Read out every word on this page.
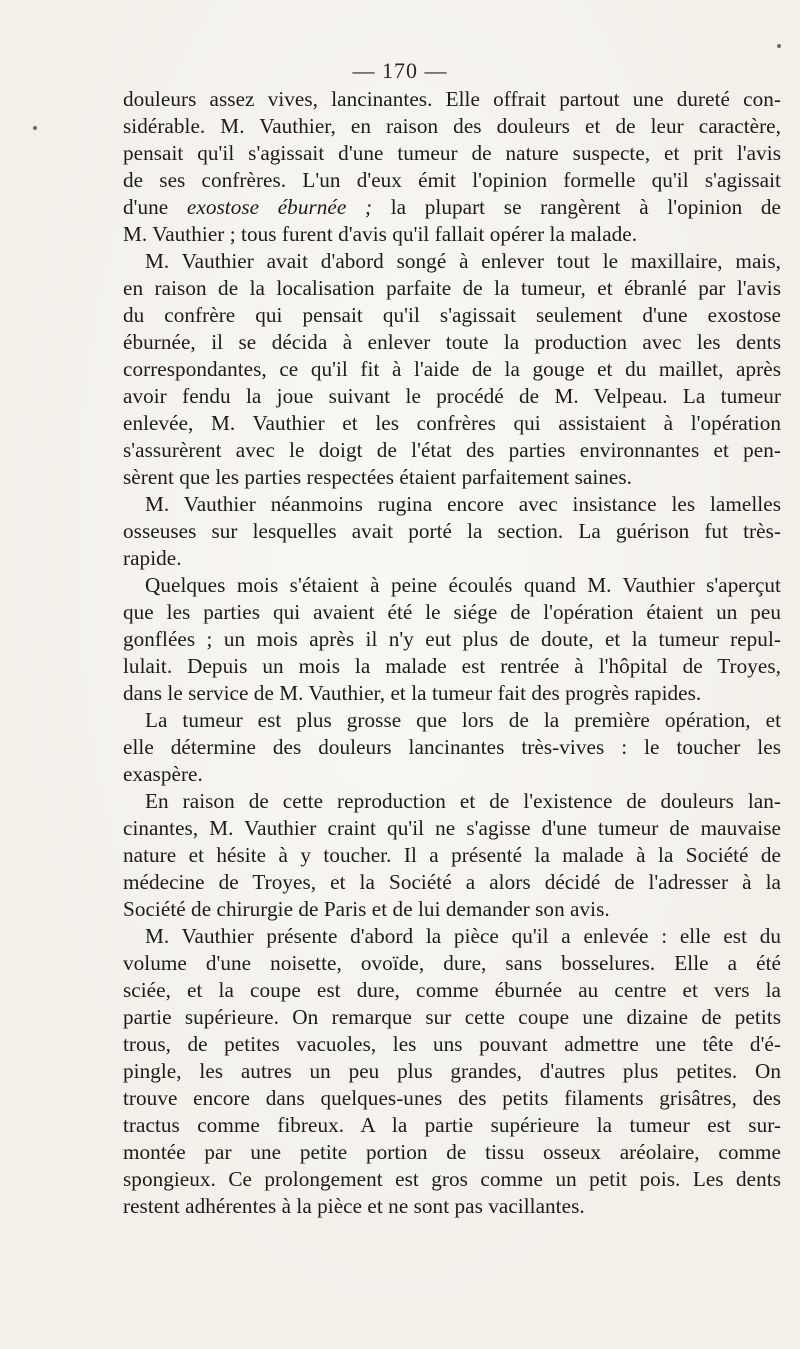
— 170 —
douleurs assez vives, lancinantes. Elle offrait partout une dureté con-
sidérable. M. Vauthier, en raison des douleurs et de leur caractère,
pensait qu'il s'agissait d'une tumeur de nature suspecte, et prit l'avis
de ses confrères. L'un d'eux émit l'opinion formelle qu'il s'agissait
d'une exostose éburnée ; la plupart se rangèrent à l'opinion de
M. Vauthier ; tous furent d'avis qu'il fallait opérer la malade.
M. Vauthier avait d'abord songé à enlever tout le maxillaire, mais,
en raison de la localisation parfaite de la tumeur, et ébranlé par l'avis
du confrère qui pensait qu'il s'agissait seulement d'une exostose
éburnée, il se décida à enlever toute la production avec les dents
correspondantes, ce qu'il fit à l'aide de la gouge et du maillet, après
avoir fendu la joue suivant le procédé de M. Velpeau. La tumeur
enlevée, M. Vauthier et les confrères qui assistaient à l'opération
s'assurèrent avec le doigt de l'état des parties environnantes et pen-
sèrent que les parties respectées étaient parfaitement saines.
M. Vauthier néanmoins rugina encore avec insistance les lamelles
osseuses sur lesquelles avait porté la section. La guérison fut très-
rapide.
Quelques mois s'étaient à peine écoulés quand M. Vauthier s'aperçut
que les parties qui avaient été le siége de l'opération étaient un peu
gonflées ; un mois après il n'y eut plus de doute, et la tumeur repul-
lulait. Depuis un mois la malade est rentrée à l'hôpital de Troyes,
dans le service de M. Vauthier, et la tumeur fait des progrès rapides.
La tumeur est plus grosse que lors de la première opération, et
elle détermine des douleurs lancinantes très-vives : le toucher les
exaspère.
En raison de cette reproduction et de l'existence de douleurs lan-
cinantes, M. Vauthier craint qu'il ne s'agisse d'une tumeur de mauvaise
nature et hésite à y toucher. Il a présenté la malade à la Société de
médecine de Troyes, et la Société a alors décidé de l'adresser à la
Société de chirurgie de Paris et de lui demander son avis.
M. Vauthier présente d'abord la pièce qu'il a enlevée : elle est du
volume d'une noisette, ovoïde, dure, sans bosselures. Elle a été
sciée, et la coupe est dure, comme éburnée au centre et vers la
partie supérieure. On remarque sur cette coupe une dizaine de petits
trous, de petites vacuoles, les uns pouvant admettre une tête d'é-
pingle, les autres un peu plus grandes, d'autres plus petites. On
trouve encore dans quelques-unes des petits filaments grisâtres, des
tractus comme fibreux. A la partie supérieure la tumeur est sur-
montée par une petite portion de tissu osseux aréolaire, comme
spongieux. Ce prolongement est gros comme un petit pois. Les dents
restent adhérentes à la pièce et ne sont pas vacillantes.
